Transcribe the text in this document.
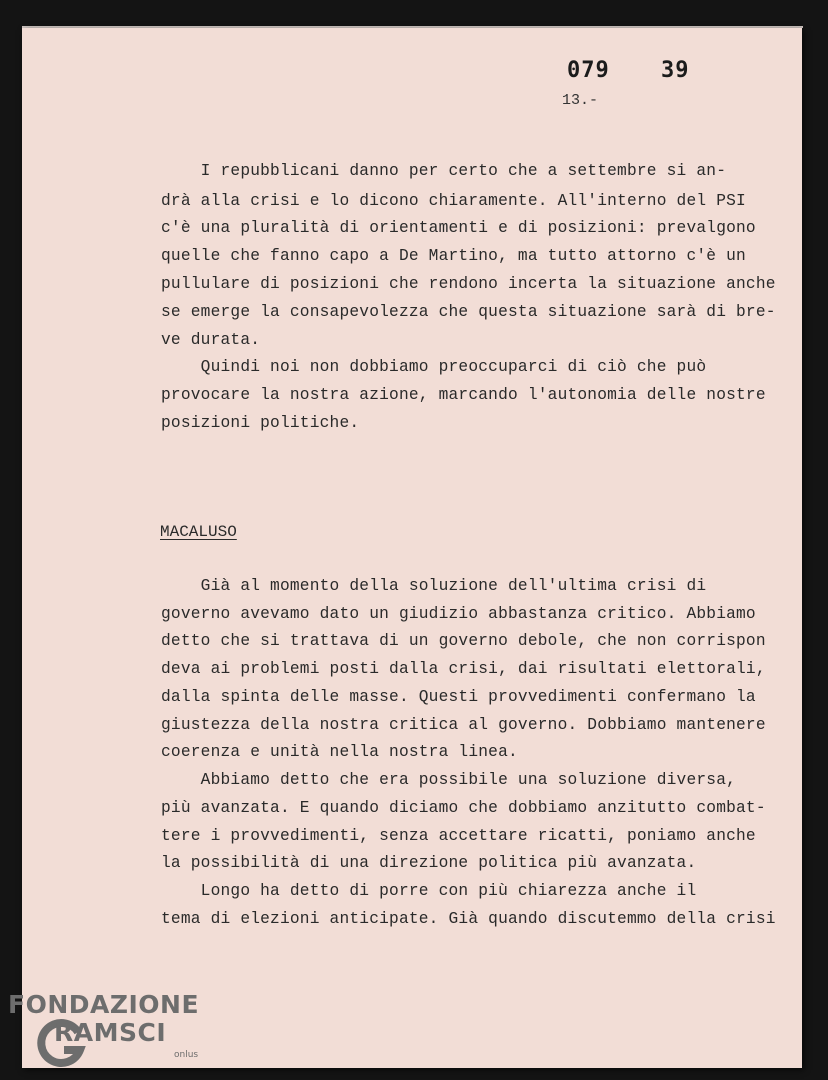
079 39
13.-
I repubblicani danno per certo che a settembre si an-
drà alla crisi e lo dicono chiaramente. All'interno del PSI
c'è una pluralità di orientamenti e di posizioni: prevalgono
quelle che fanno capo a De Martino, ma tutto attorno c'è un
pullulare di posizioni che rendono incerta la situazione anche
se emerge la consapevolezza che questa situazione sarà di bre-
ve durata.
Quindi noi non dobbiamo preoccuparci di ciò che può
provocare la nostra azione, marcando l'autonomia delle nostre
posizioni politiche.
MACALUSO
Già al momento della soluzione dell'ultima crisi di
governo avevamo dato un giudizio abbastanza critico. Abbiamo
detto che si trattava di un governo debole, che non corrispon
deva ai problemi posti dalla crisi, dai risultati elettorali,
dalla spinta delle masse. Questi provvedimenti confermano la
giustezza della nostra critica al governo. Dobbiamo mantenere
coerenza e unità nella nostra linea.
Abbiamo detto che era possibile una soluzione diversa,
più avanzata. E quando diciamo che dobbiamo anzitutto combat-
tere i provvedimenti, senza accettare ricatti, poniamo anche
la possibilità di una direzione politica più avanzata.
Longo ha detto di porre con più chiarezza anche il
tema di elezioni anticipate. Già quando discutemmo della crisi
FONDAZIONE
RAMSCI
onlus
